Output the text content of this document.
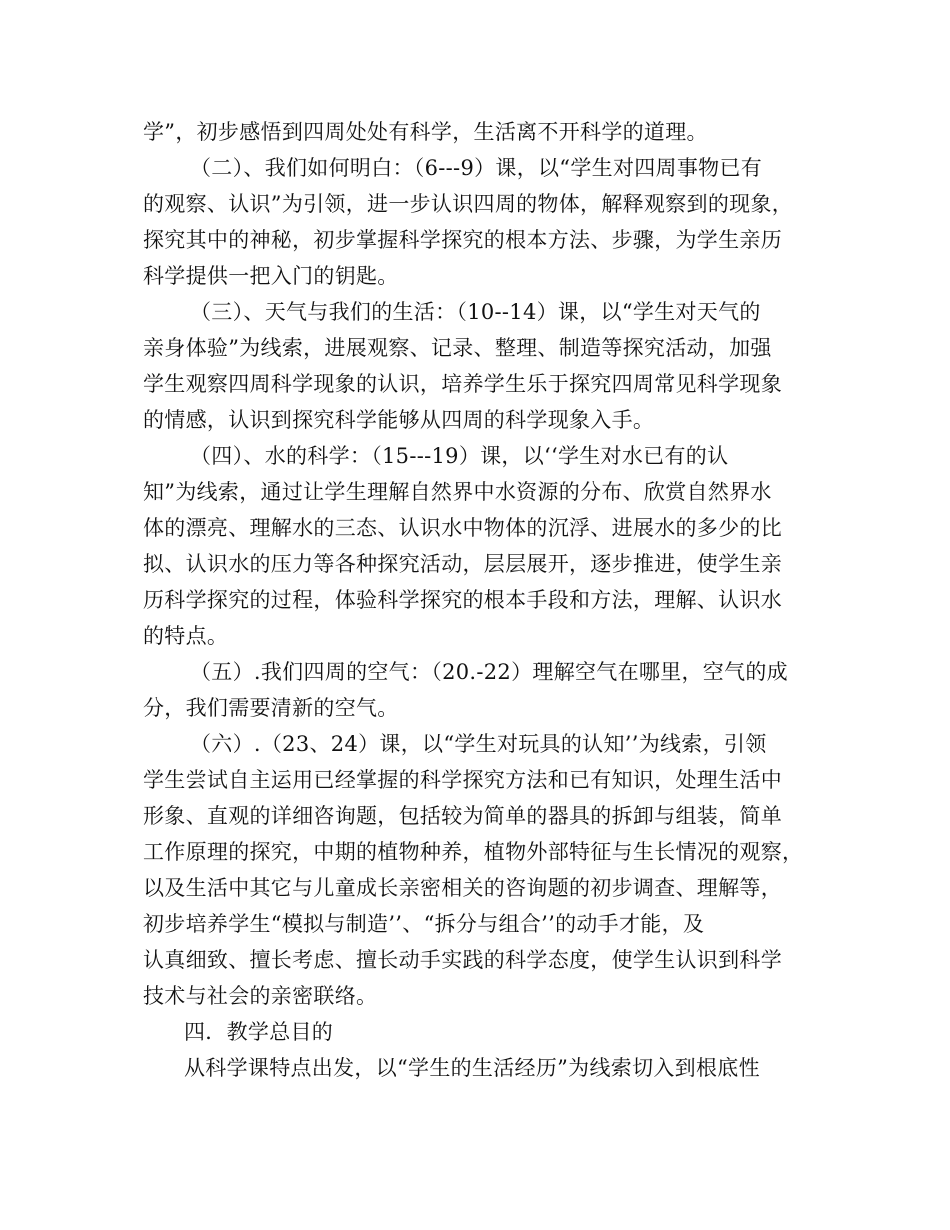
学”，初步感悟到四周处处有科学，生活离不开科学的道理。
（二）、我们如何明白：（6---9）课，以“学生对四周事物已有
的观察、认识”为引领，进一步认识四周的物体，解释观察到的现象，
探究其中的神秘，初步掌握科学探究的根本方法、步骤，为学生亲历
科学提供一把入门的钥匙。
（三）、天气与我们的生活：（10--14）课，以“学生对天气的
亲身体验”为线索，进展观察、记录、整理、制造等探究活动，加强
学生观察四周科学现象的认识，培养学生乐于探究四周常见科学现象
的情感，认识到探究科学能够从四周的科学现象入手。
（四）、水的科学：（15---19）课，以‘‘学生对水已有的认
知”为线索，通过让学生理解自然界中水资源的分布、欣赏自然界水
体的漂亮、理解水的三态、认识水中物体的沉浮、进展水的多少的比
拟、认识水的压力等各种探究活动，层层展开，逐步推进，使学生亲
历科学探究的过程，体验科学探究的根本手段和方法，理解、认识水
的特点。
（五）.我们四周的空气：（20.-22）理解空气在哪里，空气的成
分，我们需要清新的空气。
（六）.（23、24）课，以“学生对玩具的认知’’为线索，引领
学生尝试自主运用已经掌握的科学探究方法和已有知识，处理生活中
形象、直观的详细咨询题，包括较为简单的器具的拆卸与组装，简单
工作原理的探究，中期的植物种养，植物外部特征与生长情况的观察，
以及生活中其它与儿童成长亲密相关的咨询题的初步调查、理解等，
初步培养学生“模拟与制造’’、“拆分与组合’’的动手才能，及
认真细致、擅长考虑、擅长动手实践的科学态度，使学生认识到科学
技术与社会的亲密联络。
四．教学总目的
从科学课特点出发，以“学生的生活经历”为线索切入到根底性
